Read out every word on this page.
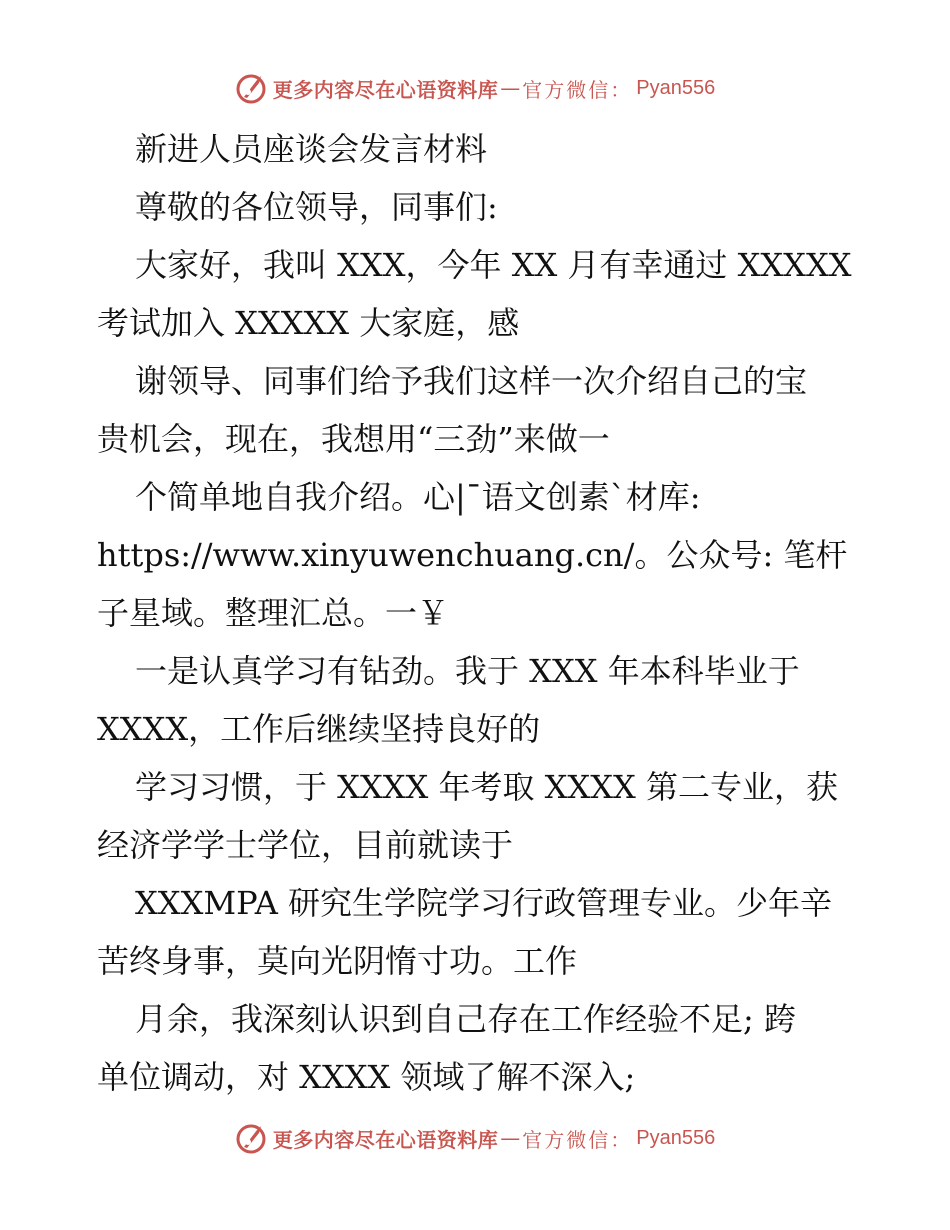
更多内容尽在心语资料库 — 官方微信： Pyan556
新进人员座谈会发言材料
尊敬的各位领导，同事们:
大家好，我叫 XXX，今年 XX 月有幸通过 XXXXX
考试加入 XXXXX 大家庭，感
谢领导、同事们给予我们这样一次介绍自己的宝
贵机会，现在，我想用“三劲”来做一
个简单地自我介绍。心|¯语文创素`材库:
https://www.xinyuwenchuang.cn/。公众号: 笔杆
子星域。整理汇总。一￥
一是认真学习有钻劲。我于 XXX 年本科毕业于
XXXX，工作后继续坚持良好的
学习习惯，于 XXXX 年考取 XXXX 第二专业，获
经济学学士学位，目前就读于
XXXMPA 研究生学院学习行政管理专业。少年辛
苦终身事，莫向光阴惰寸功。工作
月余，我深刻认识到自己存在工作经验不足; 跨
单位调动，对 XXXX 领域了解不深入;
更多内容尽在心语资料库 — 官方微信： Pyan556
